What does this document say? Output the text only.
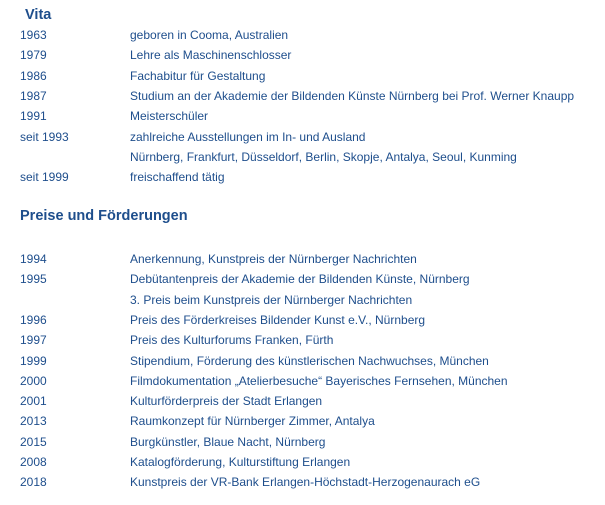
Vita
1963	geboren in Cooma, Australien
1979	Lehre als Maschinenschlosser
1986	Fachabitur für Gestaltung
1987	Studium an der Akademie der Bildenden Künste Nürnberg bei Prof. Werner Knaupp
1991	Meisterschüler
seit 1993	zahlreiche Ausstellungen im In- und Ausland
Nürnberg, Frankfurt, Düsseldorf, Berlin, Skopje, Antalya, Seoul, Kunming
seit 1999	freischaffend tätig
Preise und Förderungen
1994	Anerkennung, Kunstpreis der Nürnberger Nachrichten
1995	Debütantenpreis der Akademie der Bildenden Künste, Nürnberg
3. Preis beim Kunstpreis der Nürnberger Nachrichten
1996	Preis des Förderkreises Bildender Kunst e.V., Nürnberg
1997	Preis des Kulturforums Franken, Fürth
1999	Stipendium, Förderung des künstlerischen Nachwuchses, München
2000	Filmdokumentation „Atelierbesuche“ Bayerisches Fernsehen, München
2001	Kulturförderpreis der Stadt Erlangen
2013	Raumkonzept für Nürnberger Zimmer, Antalya
2015	Burgkünstler, Blaue Nacht, Nürnberg
2008	Katalogförderung, Kulturstiftung Erlangen
2018	Kunstpreis der VR-Bank Erlangen-Höchstadt-Herzogenaurach eG
